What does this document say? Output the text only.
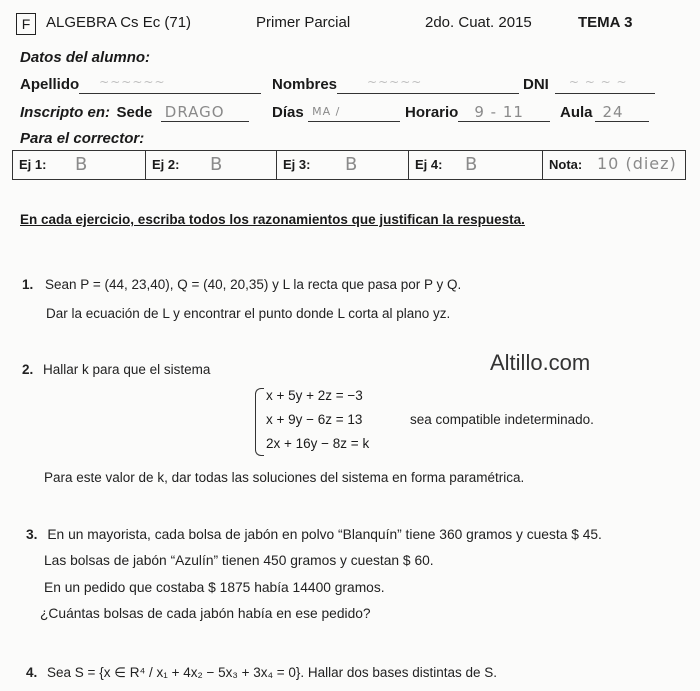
F	ALGEBRA Cs Ec (71)	Primer Parcial	2do. Cuat. 2015	TEMA 3
Datos del alumno:
Apellido ~~~~~~	Nombres	~~~~~	DNI ~ ~ ~ ~
Inscripto en: Sede DRAGO	Días MA /	Horario 9 - 11 Aula 24
Para el corrector:
Ej 1: B	Ej 2: B	Ej 3: B	Ej 4: B	Nota: 10 (diez)
En cada ejercicio, escriba todos los razonamientos que justifican la respuesta.
1. Sean P = (44, 23,40), Q = (40, 20,35) y L la recta que pasa por P y Q.
Dar la ecuación de L y encontrar el punto donde L corta al plano yz.
Altillo.com
2. Hallar k para que el sistema
x + 5y + 2z = −3
x + 9y − 6z = 13
2x + 16y − 8z = k
sea compatible indeterminado.
Para este valor de k, dar todas las soluciones del sistema en forma paramétrica.
3. En un mayorista, cada bolsa de jabón en polvo “Blanquín” tiene 360 gramos y cuesta $ 45.
Las bolsas de jabón “Azulín” tienen 450 gramos y cuestan $ 60.
En un pedido que costaba $ 1875 había 14400 gramos.
¿Cuántas bolsas de cada jabón había en ese pedido?
4. Sea S = {x ∈ R⁴ / x₁ + 4x₂ − 5x₃ + 3x₄ = 0}. Hallar dos bases distintas de S.
